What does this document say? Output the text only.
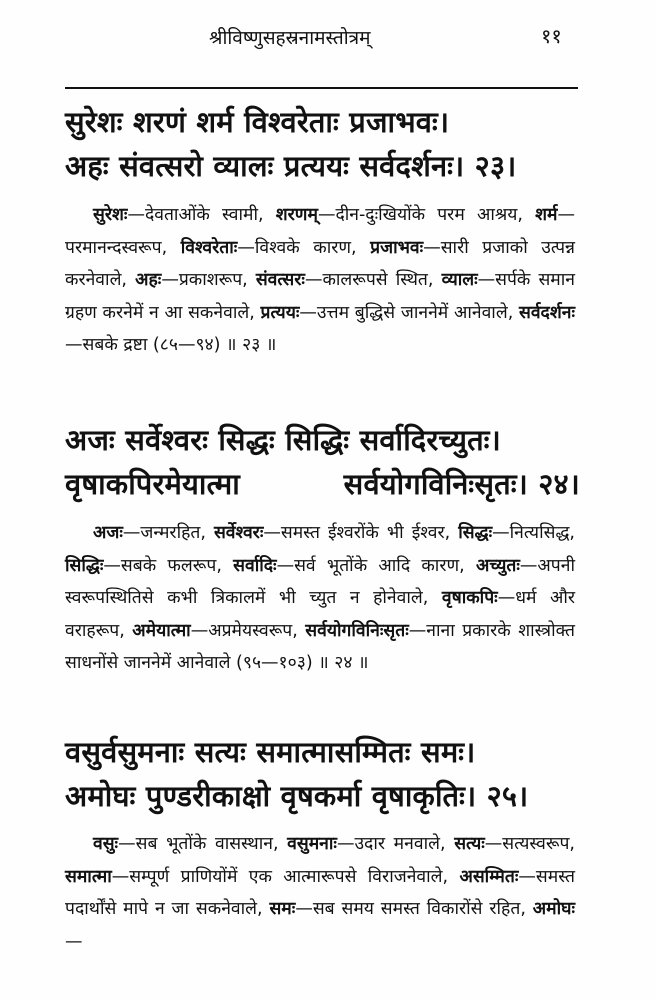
श्रीविष्णुसहस्रनामस्तोत्रम्	११
सुरेशः शरणं शर्म विश्वरेताः प्रजाभवः।
अहः संवत्सरो व्यालः प्रत्ययः सर्वदर्शनः। २३।

सुरेशः—देवताओंके स्वामी, शरणम्—दीन-दुःखियोंके परम आश्रय, शर्म—परमानन्दस्वरूप, विश्वरेताः—विश्वके कारण, प्रजाभवः—सारी प्रजाको उत्पन्न करनेवाले, अहः—प्रकाशरूप, संवत्सरः—कालरूपसे स्थित, व्यालः—सर्पके समान ग्रहण करनेमें न आ सकनेवाले, प्रत्ययः—उत्तम बुद्धिसे जाननेमें आनेवाले, सर्वदर्शनः—सबके द्रष्टा (८५—९४) ॥ २३ ॥

अजः सर्वेश्वरः सिद्धः सिद्धिः सर्वादिरच्युतः।
वृषाकपिरमेयात्मा	सर्वयोगविनिःसृतः। २४।

अजः—जन्मरहित, सर्वेश्वरः—समस्त ईश्वरोंके भी ईश्वर, सिद्धः—नित्यसिद्ध, सिद्धिः—सबके फलरूप, सर्वादिः—सर्व भूतोंके आदि कारण, अच्युतः—अपनी स्वरूपस्थितिसे कभी त्रिकालमें भी च्युत न होनेवाले, वृषाकपिः—धर्म और वराहरूप, अमेयात्मा—अप्रमेयस्वरूप, सर्वयोगविनिःसृतः—नाना प्रकारके शास्त्रोक्त साधनोंसे जाननेमें आनेवाले (९५—१०३) ॥ २४ ॥

वसुर्वसुमनाः सत्यः समात्मासम्मितः समः।
अमोघः पुण्डरीकाक्षो वृषकर्मा वृषाकृतिः। २५।

वसुः—सब भूतोंके वासस्थान, वसुमनाः—उदार मनवाले, सत्यः—सत्यस्वरूप, समात्मा—सम्पूर्ण प्राणियोंमें एक आत्मारूपसे विराजनेवाले, असम्मितः—समस्त पदार्थोंसे मापे न जा सकनेवाले, समः—सब समय समस्त विकारोंसे रहित, अमोघः—
